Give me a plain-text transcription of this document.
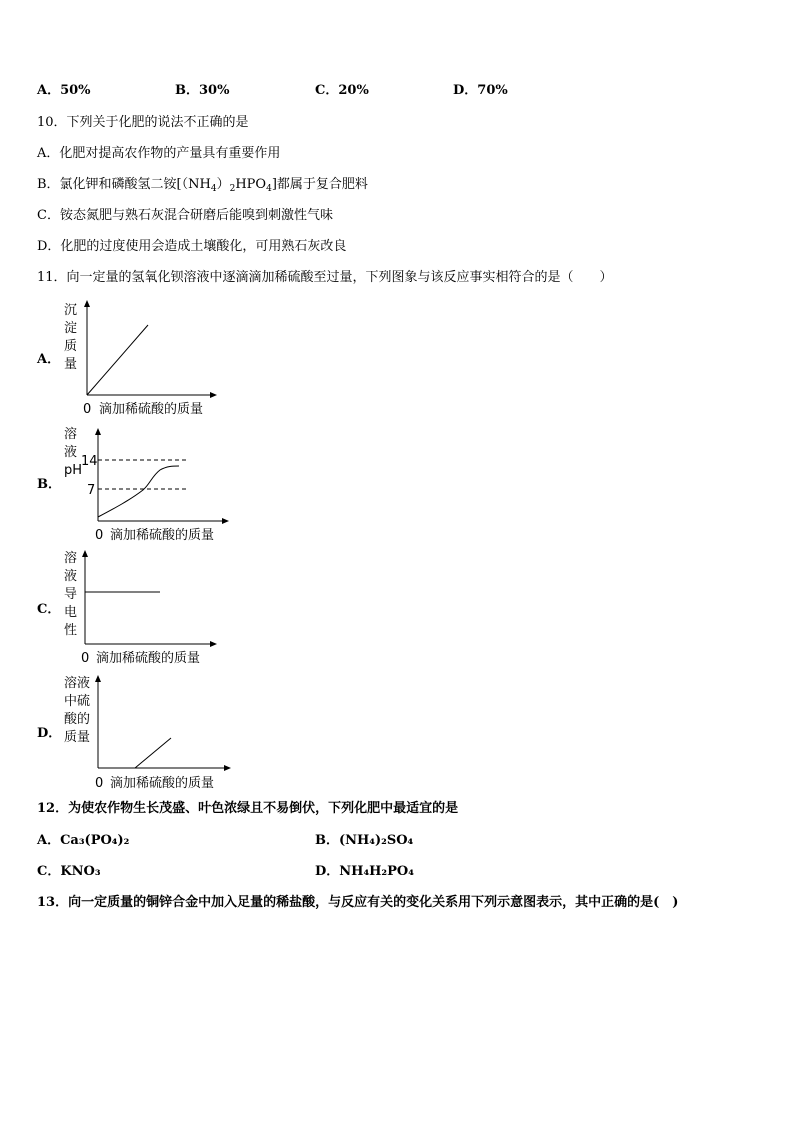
A．50%	B．30%	C．20%	D．70%
10．下列关于化肥的说法不正确的是
A．化肥对提高农作物的产量具有重要作用
B．氯化钾和磷酸氢二铵$[(NH_4)_2HPO_4]$都属于复合肥料
C．铵态氮肥与熟石灰混合研磨后能嗅到刺激性气味
D．化肥的过度使用会造成土壤酸化，可用熟石灰改良
11．向一定量的氢氧化钡溶液中逐滴滴加稀硫酸至过量，下列图象与该反应事实相符合的是（　　）
A．
沉
淀
质
量
0 滴加稀硫酸的质量
B．
溶
液
pH
14
7
0 滴加稀硫酸的质量
C．
溶
液
导
电
性
0 滴加稀硫酸的质量
D．
溶液
中硫
酸的
质量
0 滴加稀硫酸的质量
12．为使农作物生长茂盛、叶色浓绿且不易倒伏，下列化肥中最适宜的是
A．Ca₃(PO₄)₂	B．(NH₄)₂SO₄
C．KNO₃	D．NH₄H₂PO₄
13．向一定质量的铜锌合金中加入足量的稀盐酸，与反应有关的变化关系用下列示意图表示，其中正确的是(　)
